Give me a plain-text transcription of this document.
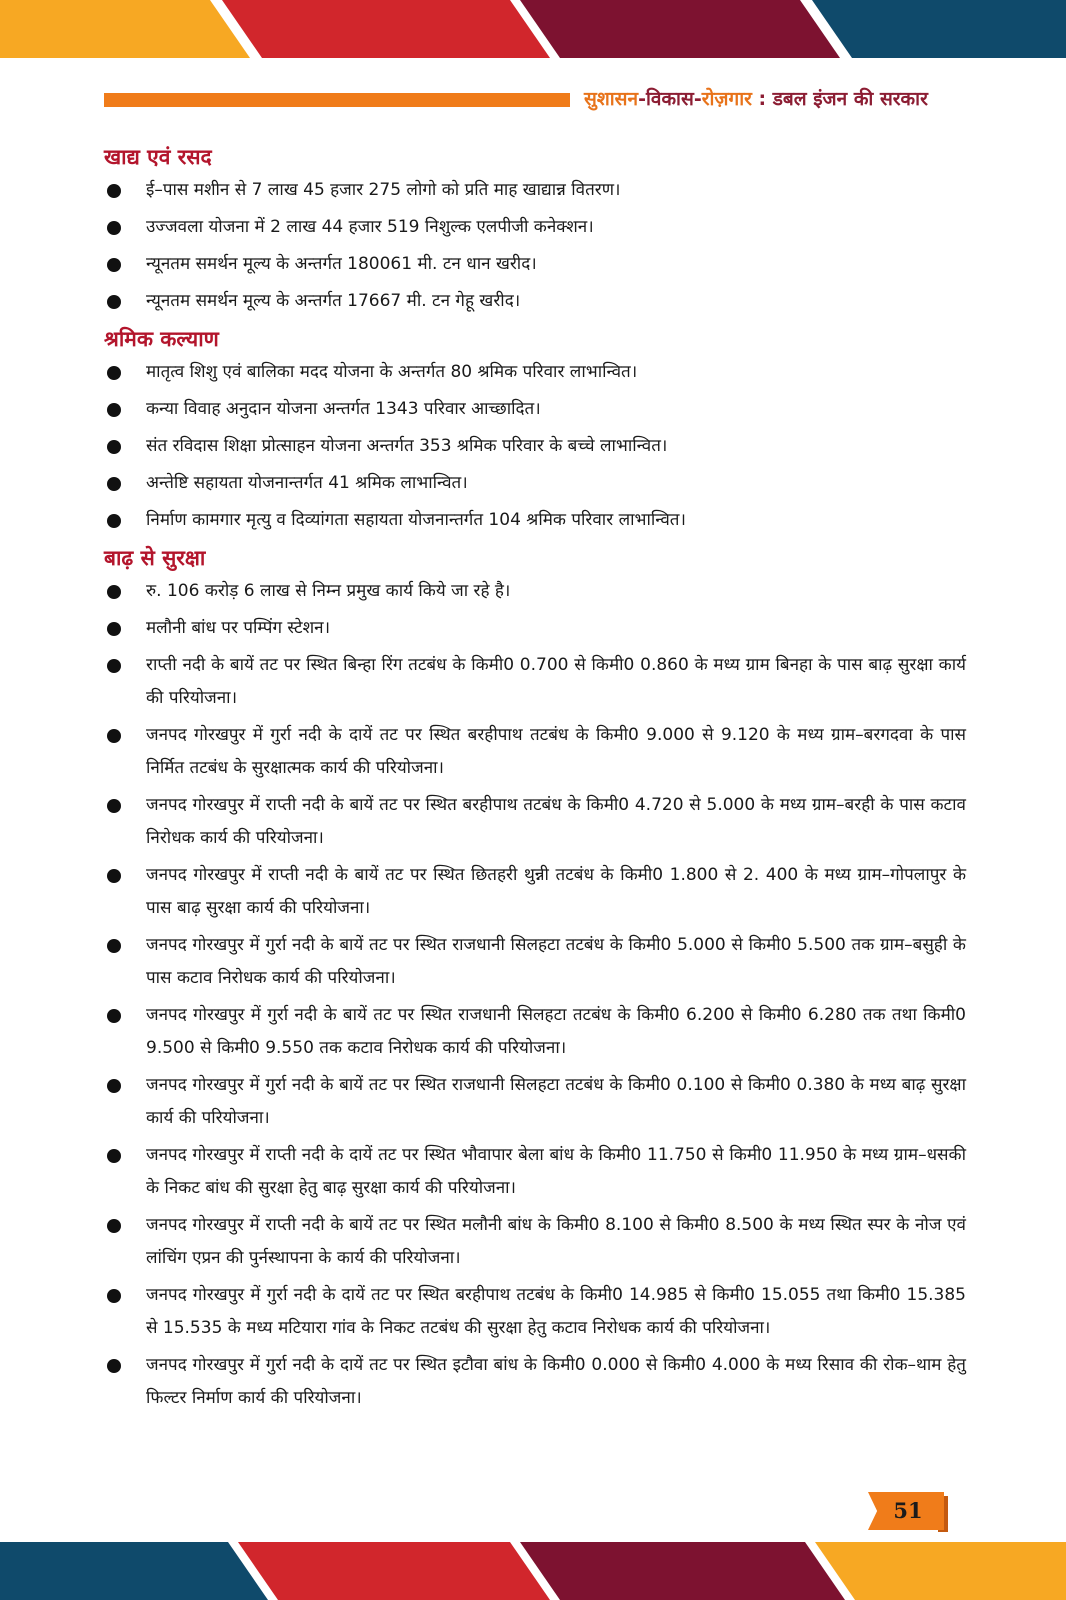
सुशासन-विकास-रोज़गार : डबल इंजन की सरकार
खाद्य एवं रसद
ई–पास मशीन से 7 लाख 45 हजार 275 लोगो को प्रति माह खाद्यान्न वितरण।
उज्जवला योजना में 2 लाख 44 हजार 519 निशुल्क एलपीजी कनेक्शन।
न्यूनतम समर्थन मूल्य के अन्तर्गत 180061 मी. टन धान खरीद।
न्यूनतम समर्थन मूल्य के अन्तर्गत 17667 मी. टन गेहू खरीद।
श्रमिक कल्याण
मातृत्व शिशु एवं बालिका मदद योजना के अन्तर्गत 80 श्रमिक परिवार लाभान्वित।
कन्या विवाह अनुदान योजना अन्तर्गत 1343 परिवार आच्छादित।
संत रविदास शिक्षा प्रोत्साहन योजना अन्तर्गत 353 श्रमिक परिवार के बच्चे लाभान्वित।
अन्तेष्टि सहायता योजनान्तर्गत 41 श्रमिक लाभान्वित।
निर्माण कामगार मृत्यु व दिव्यांगता सहायता योजनान्तर्गत 104 श्रमिक परिवार लाभान्वित।
बाढ़ से सुरक्षा
रु. 106 करोड़ 6 लाख से निम्न प्रमुख कार्य किये जा रहे है।
मलौनी बांध पर पम्पिंग स्टेशन।
राप्ती नदी के बायें तट पर स्थित बिन्हा रिंग तटबंध के किमी0 0.700 से किमी0 0.860 के मध्य ग्राम बिनहा के पास बाढ़ सुरक्षा कार्य की परियोजना।
जनपद गोरखपुर में गुर्रा नदी के दायें तट पर स्थित बरहीपाथ तटबंध के किमी0 9.000 से 9.120 के मध्य ग्राम–बरगदवा के पास निर्मित तटबंध के सुरक्षात्मक कार्य की परियोजना।
जनपद गोरखपुर में राप्ती नदी के बायें तट पर स्थित बरहीपाथ तटबंध के किमी0 4.720 से 5.000 के मध्य ग्राम–बरही के पास कटाव निरोधक कार्य की परियोजना।
जनपद गोरखपुर में राप्ती नदी के बायें तट पर स्थित छितहरी थुन्नी तटबंध के किमी0 1.800 से 2. 400 के मध्य ग्राम–गोपलापुर के पास बाढ़ सुरक्षा कार्य की परियोजना।
जनपद गोरखपुर में गुर्रा नदी के बायें तट पर स्थित राजधानी सिलहटा तटबंध के किमी0 5.000 से किमी0 5.500 तक ग्राम–बसुही के पास कटाव निरोधक कार्य की परियोजना।
जनपद गोरखपुर में गुर्रा नदी के बायें तट पर स्थित राजधानी सिलहटा तटबंध के किमी0 6.200 से किमी0 6.280 तक तथा किमी0 9.500 से किमी0 9.550 तक कटाव निरोधक कार्य की परियोजना।
जनपद गोरखपुर में गुर्रा नदी के बायें तट पर स्थित राजधानी सिलहटा तटबंध के किमी0 0.100 से किमी0 0.380 के मध्य बाढ़ सुरक्षा कार्य की परियोजना।
जनपद गोरखपुर में राप्ती नदी के दायें तट पर स्थित भौवापार बेला बांध के किमी0 11.750 से किमी0 11.950 के मध्य ग्राम–धसकी के निकट बांध की सुरक्षा हेतु बाढ़ सुरक्षा कार्य की परियोजना।
जनपद गोरखपुर में राप्ती नदी के बायें तट पर स्थित मलौनी बांध के किमी0 8.100 से किमी0 8.500 के मध्य स्थित स्पर के नोज एवं लांचिंग एप्रन की पुर्नस्थापना के कार्य की परियोजना।
जनपद गोरखपुर में गुर्रा नदी के दायें तट पर स्थित बरहीपाथ तटबंध के किमी0 14.985 से किमी0 15.055 तथा किमी0 15.385 से 15.535 के मध्य मटियारा गांव के निकट तटबंध की सुरक्षा हेतु कटाव निरोधक कार्य की परियोजना।
जनपद गोरखपुर में गुर्रा नदी के दायें तट पर स्थित इटौवा बांध के किमी0 0.000 से किमी0 4.000 के मध्य रिसाव की रोक–थाम हेतु फिल्टर निर्माण कार्य की परियोजना।
51
